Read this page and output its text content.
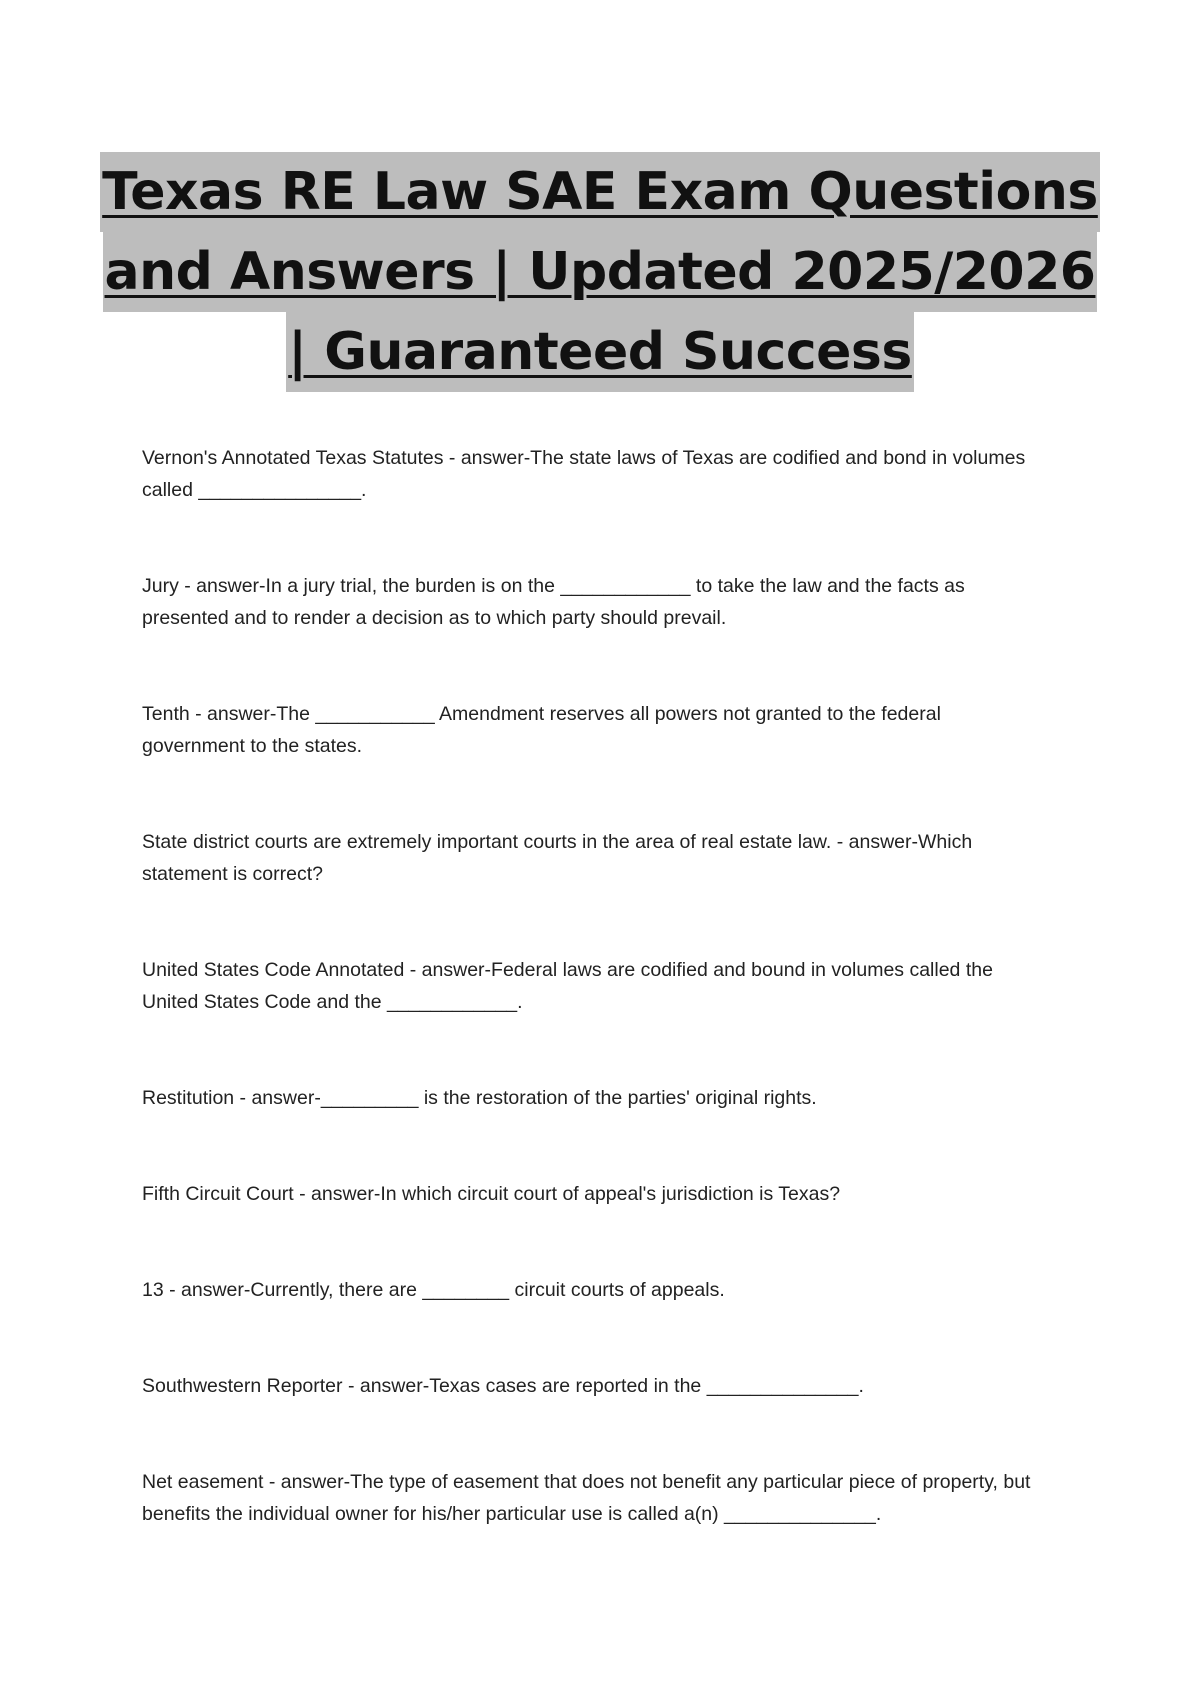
Texas RE Law SAE Exam Questions
and Answers | Updated 2025/2026
| Guaranteed Success

Vernon's Annotated Texas Statutes - answer-The state laws of Texas are codified and bond in volumes called _______________.

Jury - answer-In a jury trial, the burden is on the ____________ to take the law and the facts as presented and to render a decision as to which party should prevail.

Tenth - answer-The ___________ Amendment reserves all powers not granted to the federal government to the states.

State district courts are extremely important courts in the area of real estate law. - answer-Which statement is correct?

United States Code Annotated - answer-Federal laws are codified and bound in volumes called the United States Code and the ____________.

Restitution - answer-_________ is the restoration of the parties' original rights.

Fifth Circuit Court - answer-In which circuit court of appeal's jurisdiction is Texas?

13 - answer-Currently, there are ________ circuit courts of appeals.

Southwestern Reporter - answer-Texas cases are reported in the ______________.

Net easement - answer-The type of easement that does not benefit any particular piece of property, but benefits the individual owner for his/her particular use is called a(n) ______________.
